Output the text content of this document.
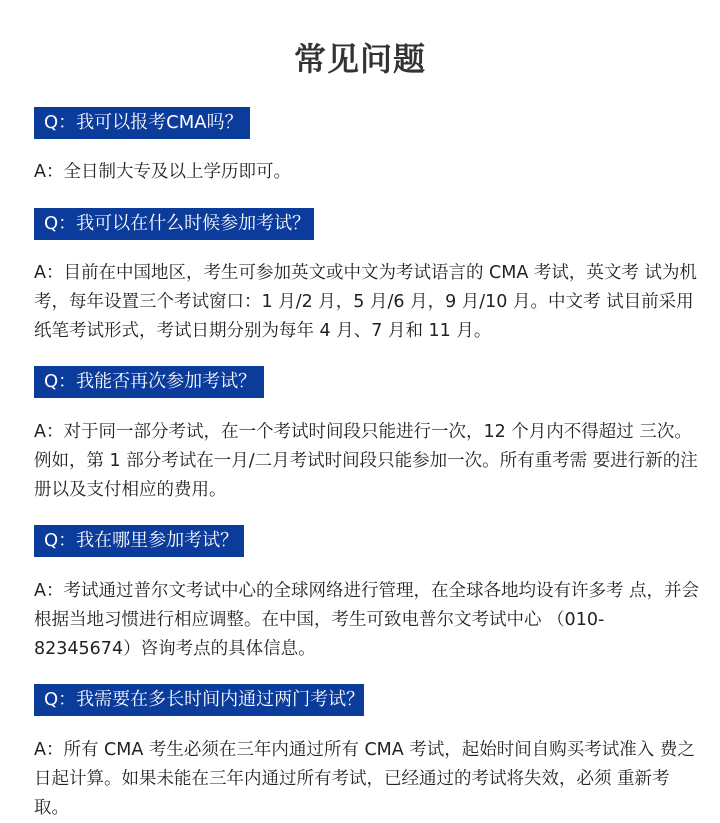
常见问题
Q：我可以报考CMA吗？
A：全日制大专及以上学历即可。
Q：我可以在什么时候参加考试？
A：目前在中国地区，考生可参加英文或中文为考试语言的 CMA 考试，英文考 试为机
考，每年设置三个考试窗口：1 月/2 月，5 月/6 月，9 月/10 月。中文考 试目前采用
纸笔考试形式，考试日期分别为每年 4 月、7 月和 11 月。
Q：我能否再次参加考试？
A：对于同一部分考试，在一个考试时间段只能进行一次，12 个月内不得超过 三次。
例如，第 1 部分考试在一月/二月考试时间段只能参加一次。所有重考需 要进行新的注
册以及支付相应的费用。
Q：我在哪里参加考试？
A：考试通过普尔文考试中心的全球网络进行管理，在全球各地均设有许多考 点，并会
根据当地习惯进行相应调整。在中国，考生可致电普尔文考试中心 （010-
82345674）咨询考点的具体信息。
Q：我需要在多长时间内通过两门考试？
A：所有 CMA 考生必须在三年内通过所有 CMA 考试，起始时间自购买考试准入 费之
日起计算。如果未能在三年内通过所有考试，已经通过的考试将失效，必须 重新考
取。
